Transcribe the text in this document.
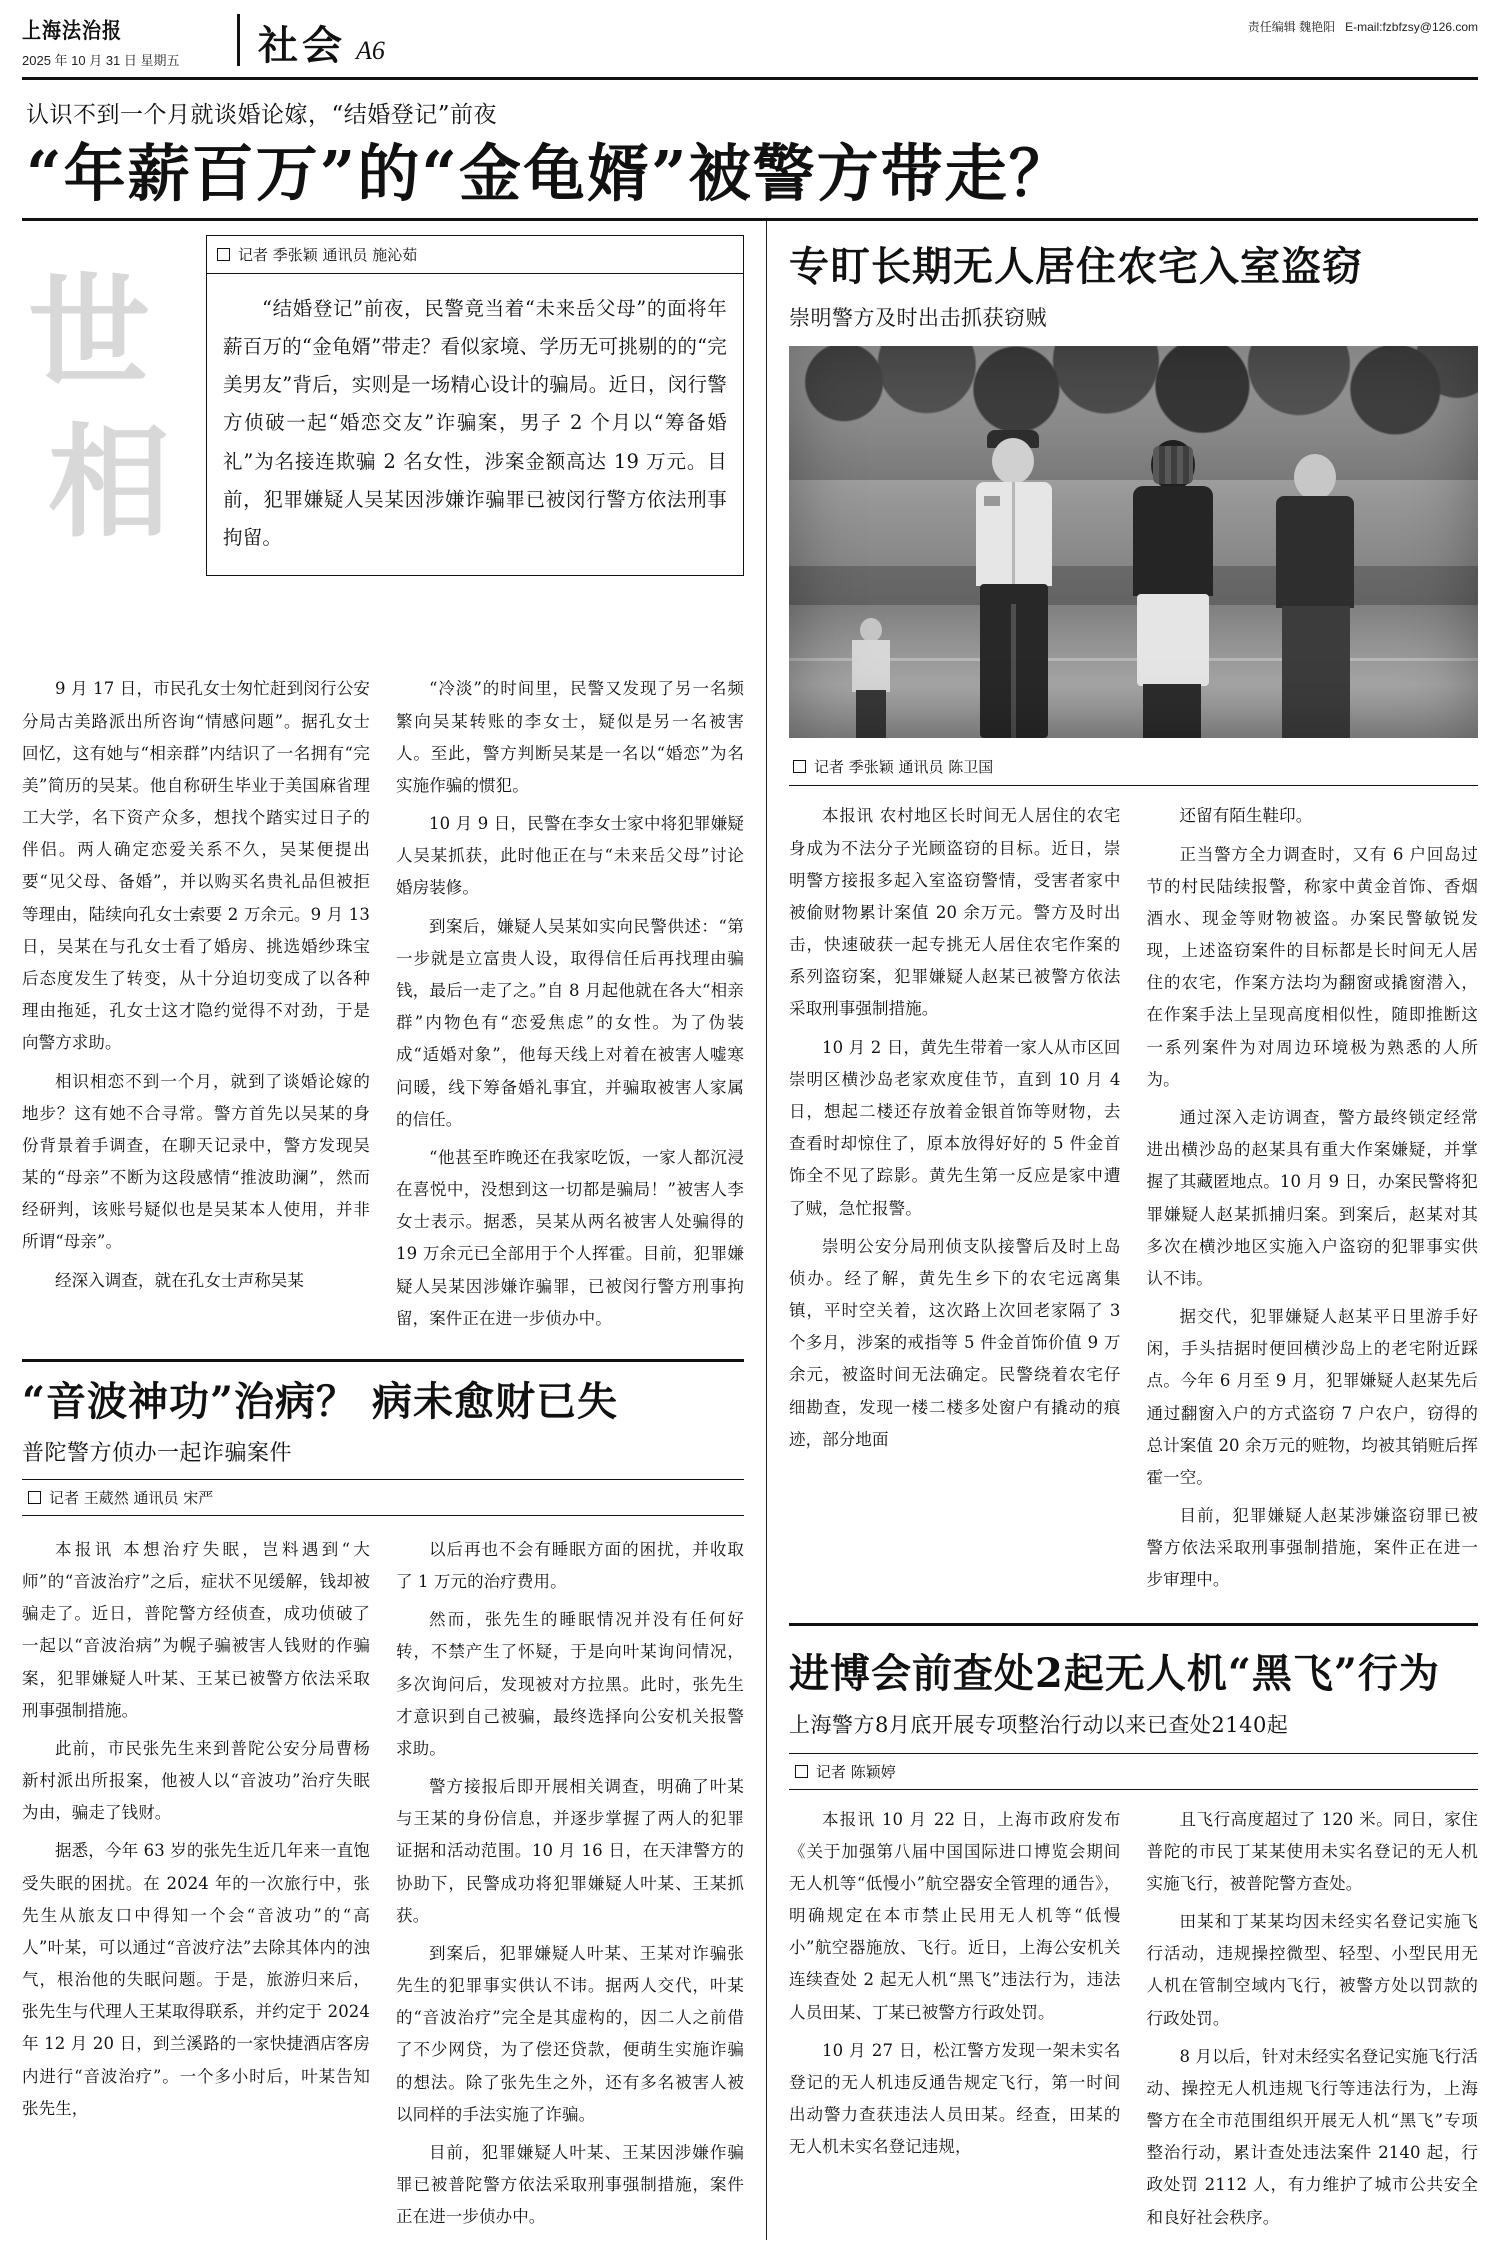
上海法治报
2025 年 10 月 31 日 星期五	社会 A6
责任编辑 魏艳阳 E-mail:fzbfzsy@126.com
认识不到一个月就谈婚论嫁，“结婚登记”前夜
“年薪百万”的“金龟婿”被警方带走？
世
相
记者 季张颖 通讯员 施沁茹
“结婚登记”前夜，民警竟当着“未来岳父母”的面将年薪百万的“金龟婿”带走？看似家境、学历无可挑剔的的“完美男友”背后，实则是一场精心设计的骗局。近日，闵行警方侦破一起“婚恋交友”诈骗案，男子 2 个月以“筹备婚礼”为名接连欺骗 2 名女性，涉案金额高达 19 万元。目前，犯罪嫌疑人吴某因涉嫌诈骗罪已被闵行警方依法刑事拘留。

9 月 17 日，市民孔女士匆忙赶到闵行公安分局古美路派出所咨询“情感问题”。据孔女士回忆，这有她与“相亲群”内结识了一名拥有“完美”简历的吴某。他自称研生毕业于美国麻省理工大学，名下资产众多，想找个踏实过日子的伴侣。两人确定恋爱关系不久，吴某便提出要“见父母、备婚”，并以购买名贵礼品但被拒等理由，陆续向孔女士索要 2 万余元。9 月 13 日，吴某在与孔女士看了婚房、挑选婚纱珠宝后态度发生了转变，从十分迫切变成了以各种理由拖延，孔女士这才隐约觉得不对劲，于是向警方求助。

相识相恋不到一个月，就到了谈婚论嫁的地步？这有她不合寻常。警方首先以吴某的身份背景着手调查，在聊天记录中，警方发现吴某的“母亲”不断为这段感情“推波助澜”，然而经研判，该账号疑似也是吴某本人使用，并非所谓“母亲”。

经深入调查，就在孔女士声称吴某

“冷淡”的时间里，民警又发现了另一名频繁向吴某转账的李女士，疑似是另一名被害人。至此，警方判断吴某是一名以“婚恋”为名实施作骗的惯犯。

10 月 9 日，民警在李女士家中将犯罪嫌疑人吴某抓获，此时他正在与“未来岳父母”讨论婚房装修。

到案后，嫌疑人吴某如实向民警供述：“第一步就是立富贵人设，取得信任后再找理由骗钱，最后一走了之。”自 8 月起他就在各大“相亲群”内物色有“恋爱焦虑”的女性。为了伪装成“适婚对象”，他每天线上对着在被害人嘘寒问暖，线下筹备婚礼事宜，并骗取被害人家属的信任。

“他甚至昨晚还在我家吃饭，一家人都沉浸在喜悦中，没想到这一切都是骗局！”被害人李女士表示。据悉，吴某从两名被害人处骗得的 19 万余元已全部用于个人挥霍。目前，犯罪嫌疑人吴某因涉嫌诈骗罪，已被闵行警方刑事拘留，案件正在进一步侦办中。

“音波神功”治病？ 病未愈财已失
普陀警方侦办一起诈骗案件
记者 王葳然 通讯员 宋严

本报讯 本想治疗失眠，岂料遇到“大师”的“音波治疗”之后，症状不见缓解，钱却被骗走了。近日，普陀警方经侦查，成功侦破了一起以“音波治病”为幌子骗被害人钱财的作骗案，犯罪嫌疑人叶某、王某已被警方依法采取刑事强制措施。

此前，市民张先生来到普陀公安分局曹杨新村派出所报案，他被人以“音波功”治疗失眠为由，骗走了钱财。

据悉，今年 63 岁的张先生近几年来一直饱受失眠的困扰。在 2024 年的一次旅行中，张先生从旅友口中得知一个会“音波功”的“高人”叶某，可以通过“音波疗法”去除其体内的浊气，根治他的失眠问题。于是，旅游归来后，张先生与代理人王某取得联系，并约定于 2024 年 12 月 20 日，到兰溪路的一家快捷酒店客房内进行“音波治疗”。一个多小时后，叶某告知张先生，

以后再也不会有睡眠方面的困扰，并收取了 1 万元的治疗费用。

然而，张先生的睡眠情况并没有任何好转，不禁产生了怀疑，于是向叶某询问情况，多次询问后，发现被对方拉黑。此时，张先生才意识到自己被骗，最终选择向公安机关报警求助。

警方接报后即开展相关调查，明确了叶某与王某的身份信息，并逐步掌握了两人的犯罪证据和活动范围。10 月 16 日，在天津警方的协助下，民警成功将犯罪嫌疑人叶某、王某抓获。

到案后，犯罪嫌疑人叶某、王某对诈骗张先生的犯罪事实供认不讳。据两人交代，叶某的“音波治疗”完全是其虚构的，因二人之前借了不少网贷，为了偿还贷款，便萌生实施诈骗的想法。除了张先生之外，还有多名被害人被以同样的手法实施了诈骗。

目前，犯罪嫌疑人叶某、王某因涉嫌作骗罪已被普陀警方依法采取刑事强制措施，案件正在进一步侦办中。

专盯长期无人居住农宅入室盗窃
崇明警方及时出击抓获窃贼
记者 季张颖 通讯员 陈卫国

本报讯 农村地区长时间无人居住的农宅身成为不法分子光顾盗窃的目标。近日，崇明警方接报多起入室盗窃警情，受害者家中被偷财物累计案值 20 余万元。警方及时出击，快速破获一起专挑无人居住农宅作案的系列盗窃案，犯罪嫌疑人赵某已被警方依法采取刑事强制措施。

10 月 2 日，黄先生带着一家人从市区回崇明区横沙岛老家欢度佳节，直到 10 月 4 日，想起二楼还存放着金银首饰等财物，去查看时却惊住了，原本放得好好的 5 件金首饰全不见了踪影。黄先生第一反应是家中遭了贼，急忙报警。

崇明公安分局刑侦支队接警后及时上岛侦办。经了解，黄先生乡下的农宅远离集镇，平时空关着，这次路上次回老家隔了 3 个多月，涉案的戒指等 5 件金首饰价值 9 万余元，被盗时间无法确定。民警绕着农宅仔细勘查，发现一楼二楼多处窗户有撬动的痕迹，部分地面

还留有陌生鞋印。

正当警方全力调查时，又有 6 户回岛过节的村民陆续报警，称家中黄金首饰、香烟酒水、现金等财物被盗。办案民警敏锐发现，上述盗窃案件的目标都是长时间无人居住的农宅，作案方法均为翻窗或撬窗潜入，在作案手法上呈现高度相似性，随即推断这一系列案件为对周边环境极为熟悉的人所为。

通过深入走访调查，警方最终锁定经常进出横沙岛的赵某具有重大作案嫌疑，并掌握了其藏匿地点。10 月 9 日，办案民警将犯罪嫌疑人赵某抓捕归案。到案后，赵某对其多次在横沙地区实施入户盗窃的犯罪事实供认不讳。

据交代，犯罪嫌疑人赵某平日里游手好闲，手头拮据时便回横沙岛上的老宅附近踩点。今年 6 月至 9 月，犯罪嫌疑人赵某先后通过翻窗入户的方式盗窃 7 户农户，窃得的总计案值 20 余万元的赃物，均被其销赃后挥霍一空。

目前，犯罪嫌疑人赵某涉嫌盗窃罪已被警方依法采取刑事强制措施，案件正在进一步审理中。

进博会前查处2起无人机“黑飞”行为
上海警方8月底开展专项整治行动以来已查处2140起
记者 陈颖婷

本报讯 10 月 22 日，上海市政府发布《关于加强第八届中国国际进口博览会期间无人机等“低慢小”航空器安全管理的通告》，明确规定在本市禁止民用无人机等“低慢小”航空器施放、飞行。近日，上海公安机关连续查处 2 起无人机“黑飞”违法行为，违法人员田某、丁某已被警方行政处罚。

10 月 27 日，松江警方发现一架未实名登记的无人机违反通告规定飞行，第一时间出动警力查获违法人员田某。经查，田某的无人机未实名登记违规，

且飞行高度超过了 120 米。同日，家住普陀的市民丁某某使用未实名登记的无人机实施飞行，被普陀警方查处。

田某和丁某某均因未经实名登记实施飞行活动，违规操控微型、轻型、小型民用无人机在管制空域内飞行，被警方处以罚款的行政处罚。

8 月以后，针对未经实名登记实施飞行活动、操控无人机违规飞行等违法行为，上海警方在全市范围组织开展无人机“黑飞”专项整治行动，累计查处违法案件 2140 起，行政处罚 2112 人，有力维护了城市公共安全和良好社会秩序。
